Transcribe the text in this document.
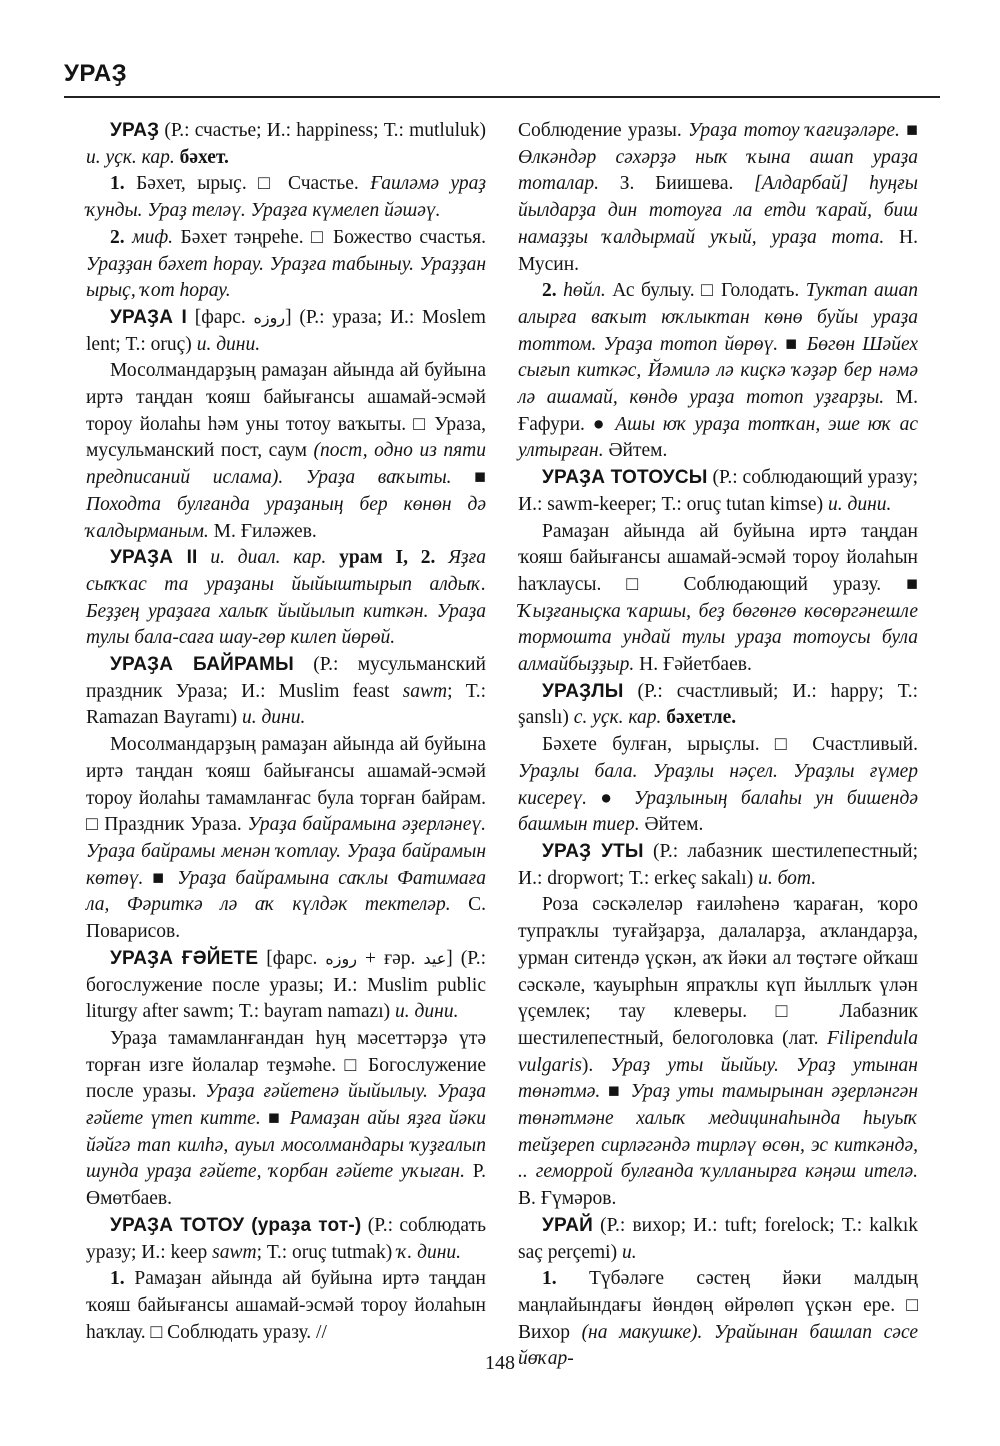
УРАҘ

УРАҘ (Р.: счастье; И.: happiness; Т.: mutluluk) и. уҫк. кар. бәхет.

1. Бәхет, ырыҫ. □ Счастье. Ғаиләмә ураҙ ҡунды. Ураҙ теләү. Ураҙға күмелеп йәшәү.

2. миф. Бәхет тәңреһе. □ Божество счастья. Ураҙҙан бәхет һорау. Ураҙға табыныу. Ураҙҙан ырыҫ, ҡот һорау.

УРАҘА I [фарс. روزه] (Р.: ураза; И.: Moslem lent; Т.: oruç) и. дини.

Мосолмандарҙың рамаҙан айында ай буйына иртә таңдан ҡояш байығансы ашамай-эсмәй тороу йолаһы һәм уны тотоу ваҡыты. □ Ураза, мусульманский пост, саум (пост, одно из пяти предписаний ислама). Ураҙа ваҡыты. ■ Походта булғанда ураҙаның бер көнөн дә ҡалдырманым. М. Ғиләжев.

УРАҘА II и. диал. кар. урам I, 2. Яҙға сыҡҡас та ураҙаны йыйыштырып алдыҡ. Беҙҙең ураҙаға халыҡ йыйылып киткән. Ураҙа тулы бала-саға шау-гөр килеп йөрөй.

УРАҘА БАЙРАМЫ (Р.: мусульманский праздник Ураза; И.: Muslim feast sawm; Т.: Ramazan Bayramı) и. дини.

Мосолмандарҙың рамаҙан айында ай буйына иртә таңдан ҡояш байығансы ашамай-эсмәй тороу йолаһы тамамланғас була торған байрам. □ Праздник Ураза. Ураҙа байрамына әҙерләнеү. Ураҙа байрамы менән ҡотлау. Ураҙа байрамын көтөү. ■ Ураҙа байрамына саҡлы Фатимаға ла, Фәриткә лә аҡ күлдәк тектеләр. С. Поварисов.

УРАҘА ҒӘЙЕТЕ [фарс. روزه + ғәр. عيد] (Р.: богослужение после уразы; И.: Muslim public liturgy after sawm; Т.: bayram namazı) и. дини.

Ураҙа тамамланғандан һуң мәсеттәрҙә үтә торған изге йолалар теҙмәһе. □ Богослужение после уразы. Ураҙа ғәйетенә йыйылыу. Ураҙа ғәйете үтеп китте. ■ Рамаҙан айы яҙға йәки йәйгә тап килһә, ауыл мосолмандары ҡуҙғалып шунда ураҙа ғәйете, ҡорбан ғәйете уҡыған. Р. Өмөтбаев.

УРАҘА ТОТОУ (ураҙа тот-) (Р.: соблюдать уразу; И.: keep sawm; Т.: oruç tutmak) ҡ. дини.

1. Рамаҙан айында ай буйына иртә таңдан ҡояш байығансы ашамай-эсмәй тороу йолаһын һаҡлау. □ Соблюдать уразу. //

Соблюдение уразы. Ураҙа тотоу ҡағиҙәләре. ■ Өлкәндәр сәхәрҙә ныҡ ҡына ашап ураҙа тоталар. З. Биишева. [Алдарбай] һуңғы йылдарҙа дин тотоуға ла етди ҡарай, биш намаҙҙы ҡалдырмай уҡый, ураҙа тота. Н. Мусин.

2. һөйл. Ас булыу. □ Голодать. Туктап ашап алырға ваҡыт юҡлыктан көнө буйы ураҙа тоттом. Ураҙа тотоп йөрөү. ■ Бөгөн Шәйех сығып киткәс, Йәмилә лә киҫкә ҡәҙәр бер нәмә лә ашамай, көндө ураҙа тотоп уҙғарҙы. М. Ғафури. ● Ашы юҡ ураҙа тотҡан, эше юҡ ас ултырған. Әйтем.

УРАҘА ТОТОУСЫ (Р.: соблюдающий уразу; И.: sawm-keeper; Т.: oruç tutan kimse) и. дини.

Рамаҙан айында ай буйына иртә таңдан ҡояш байығансы ашамай-эсмәй тороу йолаһын һаҡлаусы. □ Соблюдающий уразу. ■ Ҡыҙғаныҫка ҡаршы, беҙ бөгөнгө көсөргәнешле тормошта ундай тулы ураҙа тотоусы була алмайбыҙҙыр. Н. Ғәйетбаев.

УРАҘЛЫ (Р.: счастливый; И.: happy; Т.: şanslı) с. уҫк. кар. бәхетле.

Бәхете булған, ырыҫлы. □ Счастливый. Ураҙлы бала. Ураҙлы нәҫел. Ураҙлы ғүмер кисереү. ● Ураҙлының балаһы ун бишендә башмын тиер. Әйтем.

УРАҘ УТЫ (Р.: лабазник шестилепестный; И.: dropwort; Т.: erkeç sakalı) и. бот.

Роза сәскәлеләр ғаиләһенә ҡараған, ҡоро тупраҡлы туғайҙарҙа, далаларҙа, аҡландарҙа, урман ситендә үҫкән, аҡ йәки ал төҫтәге ойҡаш сәскәле, ҡауырһын япраҡлы күп йыллыҡ үлән үҫемлек; тау клеверы. □ Лабазник шестилепестный, белоголовка (лат. Filipendula vulgaris). Ураҙ уты йыйыу. Ураҙ утынан төнәтмә. ■ Ураҙ уты тамырынан әҙерләнгән төнәтмәне халыҡ медицинаһында һыуыҡ тейҙереп сирләгәндә тирләү өсөн, эс киткәндә, .. геморрой булғанда ҡулланырға кәңәш ителә. В. Ғүмәров.

УРАЙ (Р.: вихор; И.: tuft; forelock; Т.: kalkık saç perçemi) и.

1. Түбәләге сәстең йәки малдың маңлайындағы йөндөң өйрөлөп үҫкән ере. □ Вихор (на макушке). Урайынан башлап сәсе йөҡар-

148
